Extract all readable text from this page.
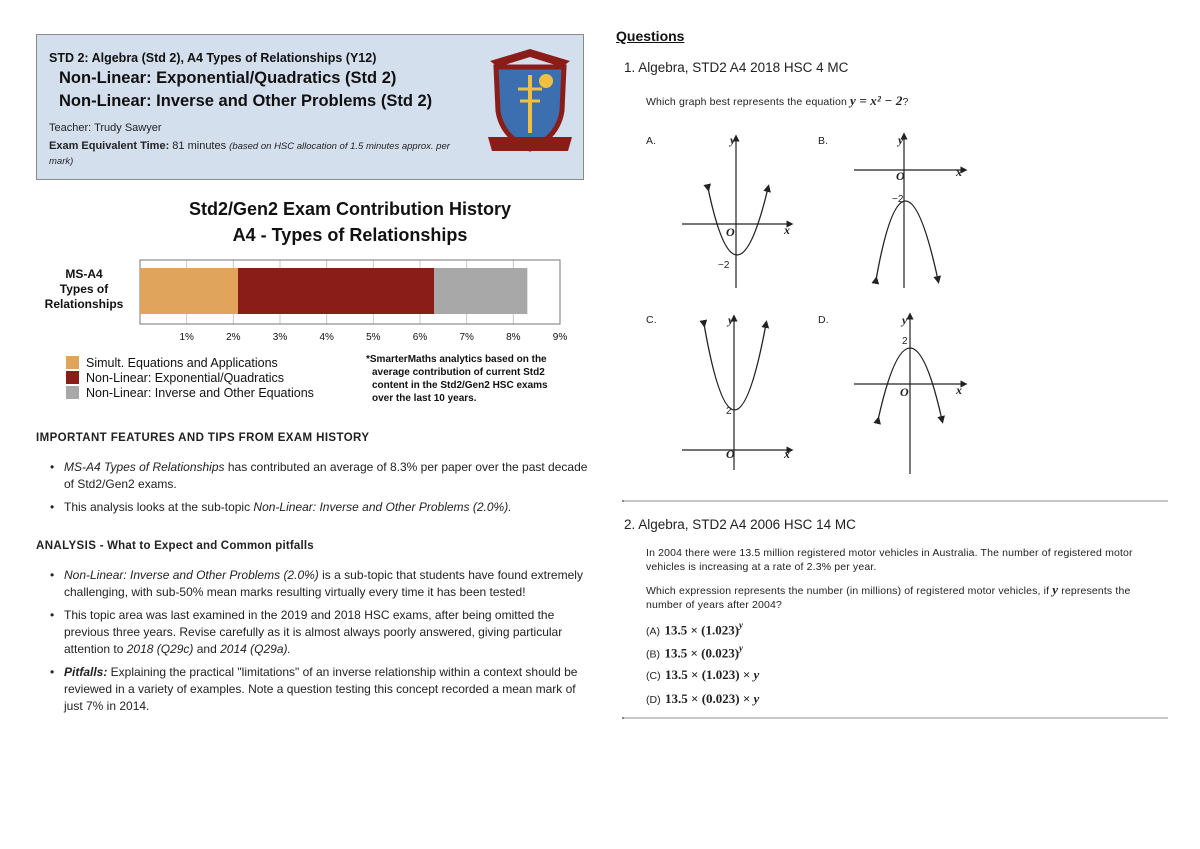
STD 2: Algebra (Std 2), A4 Types of Relationships (Y12)
Non-Linear: Exponential/Quadratics (Std 2)
Non-Linear: Inverse and Other Problems (Std 2)
Teacher: Trudy Sawyer
Exam Equivalent Time: 81 minutes (based on HSC allocation of 1.5 minutes approx. per mark)
Std2/Gen2 Exam Contribution History
A4 - Types of Relationships
MS-A4
Types of
Relationships
1%	2%	3%	4%	5%	6%	7%	8%	9%
Simult. Equations and Applications
Non-Linear: Exponential/Quadratics
Non-Linear: Inverse and Other Equations
*SmarterMaths analytics based on the
average contribution of current Std2
content in the Std2/Gen2 HSC exams
over the last 10 years.
IMPORTANT FEATURES AND TIPS FROM EXAM HISTORY
• MS-A4 Types of Relationships has contributed an average of 8.3% per paper over the past decade of Std2/Gen2 exams.
• This analysis looks at the sub-topic Non-Linear: Inverse and Other Problems (2.0%).
ANALYSIS - What to Expect and Common pitfalls
• Non-Linear: Inverse and Other Problems (2.0%) is a sub-topic that students have found extremely challenging, with sub-50% mean marks resulting virtually every time it has been tested!
• This topic area was last examined in the 2019 and 2018 HSC exams, after being omitted the previous three years. Revise carefully as it is almost always poorly answered, giving particular attention to 2018 (Q29c) and 2014 (Q29a).
• Pitfalls: Explaining the practical "limitations" of an inverse relationship within a context should be reviewed in a variety of examples. Note a question testing this concept recorded a mean mark of just 7% in 2014.
Questions
1. Algebra, STD2 A4 2018 HSC 4 MC
Which graph best represents the equation y = x² − 2?
A.	B.
C.	D.
y
x
O
−2
y
x
O
−2
y
x
O
2
y
x
O
2
2. Algebra, STD2 A4 2006 HSC 14 MC
In 2004 there were 13.5 million registered motor vehicles in Australia. The number of registered motor vehicles is increasing at a rate of 2.3% per year.
Which expression represents the number (in millions) of registered motor vehicles, if y represents the number of years after 2004?
(A) $13.5 \times (1.023)^y$
(B) $13.5 \times (0.023)^y$
(C) 13.5 × (1.023) × y
(D) 13.5 × (0.023) × y
